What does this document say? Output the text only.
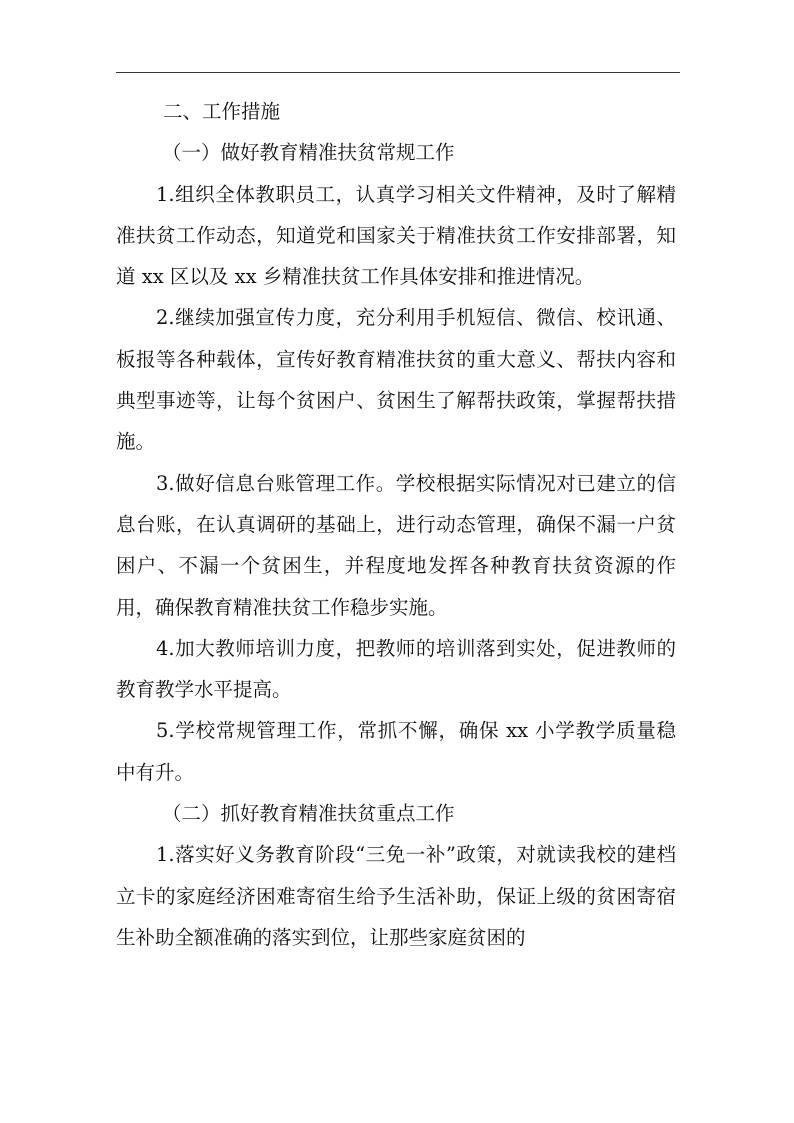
二、工作措施

（一）做好教育精准扶贫常规工作

1.组织全体教职员工，认真学习相关文件精神，及时了解精准扶贫工作动态，知道党和国家关于精准扶贫工作安排部署，知道 xx 区以及 xx 乡精准扶贫工作具体安排和推进情况。

2.继续加强宣传力度，充分利用手机短信、微信、校讯通、板报等各种载体，宣传好教育精准扶贫的重大意义、帮扶内容和典型事迹等，让每个贫困户、贫困生了解帮扶政策，掌握帮扶措施。

3.做好信息台账管理工作。学校根据实际情况对已建立的信息台账，在认真调研的基础上，进行动态管理，确保不漏一户贫困户、不漏一个贫困生，并程度地发挥各种教育扶贫资源的作用，确保教育精准扶贫工作稳步实施。

4.加大教师培训力度，把教师的培训落到实处，促进教师的教育教学水平提高。

5.学校常规管理工作，常抓不懈，确保 xx 小学教学质量稳中有升。

（二）抓好教育精准扶贫重点工作

1.落实好义务教育阶段“三免一补”政策，对就读我校的建档立卡的家庭经济困难寄宿生给予生活补助，保证上级的贫困寄宿生补助全额准确的落实到位，让那些家庭贫困的
